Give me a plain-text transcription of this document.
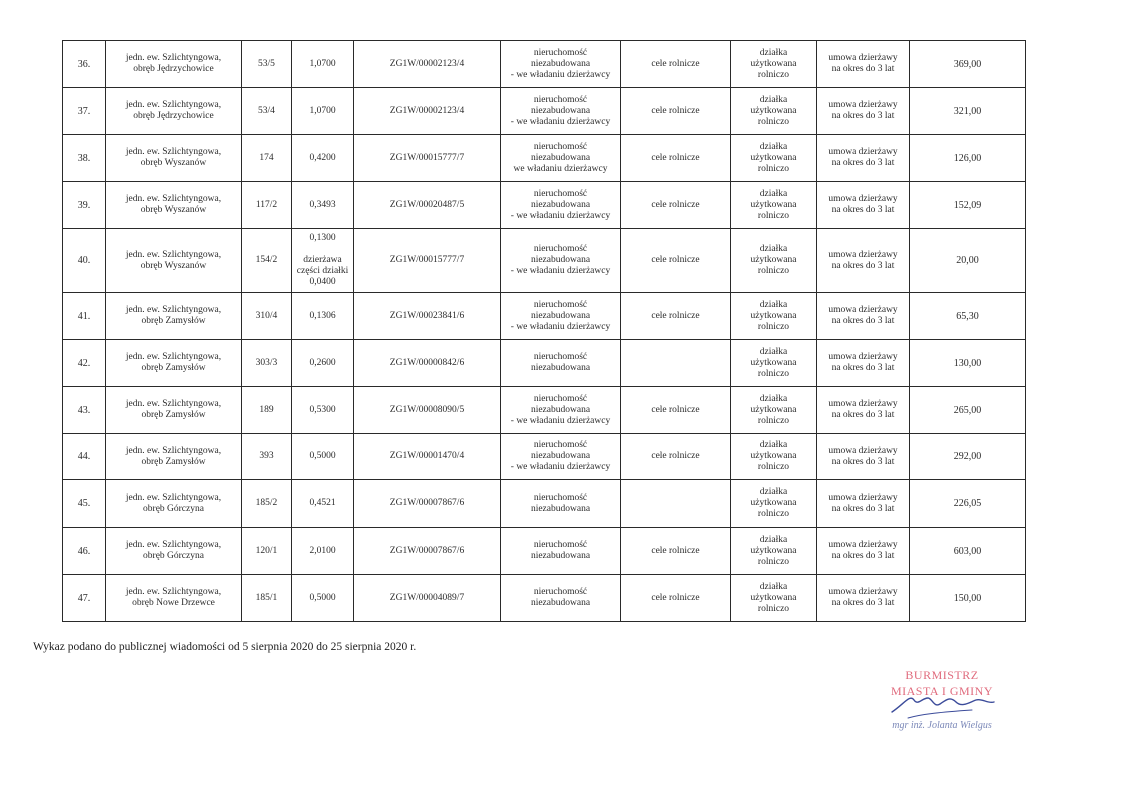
36.	jedn. ew. Szlichtyngowa,
obręb Jędrzychowice	53/5	1,0700	ZG1W/00002123/4	nieruchomość
niezabudowana
- we władaniu dzierżawcy	cele rolnicze	działka
użytkowana
rolniczo	umowa dzierżawy
na okres do 3 lat	369,00
37.	jedn. ew. Szlichtyngowa,
obręb Jędrzychowice	53/4	1,0700	ZG1W/00002123/4	nieruchomość
niezabudowana
- we władaniu dzierżawcy	cele rolnicze	działka
użytkowana
rolniczo	umowa dzierżawy
na okres do 3 lat	321,00
38.	jedn. ew. Szlichtyngowa,
obręb Wyszanów	174	0,4200	ZG1W/00015777/7	nieruchomość
niezabudowana
we władaniu dzierżawcy	cele rolnicze	działka
użytkowana
rolniczo	umowa dzierżawy
na okres do 3 lat	126,00
39.	jedn. ew. Szlichtyngowa,
obręb Wyszanów	117/2	0,3493	ZG1W/00020487/5	nieruchomość
niezabudowana
- we władaniu dzierżawcy	cele rolnicze	działka
użytkowana
rolniczo	umowa dzierżawy
na okres do 3 lat	152,09
40.	jedn. ew. Szlichtyngowa,
obręb Wyszanów	154/2	0,1300

dzierżawa
części działki
0,0400	ZG1W/00015777/7	nieruchomość
niezabudowana
- we władaniu dzierżawcy	cele rolnicze	działka
użytkowana
rolniczo	umowa dzierżawy
na okres do 3 lat	20,00
41.	jedn. ew. Szlichtyngowa,
obręb Zamysłów	310/4	0,1306	ZG1W/00023841/6	nieruchomość
niezabudowana
- we władaniu dzierżawcy	cele rolnicze	działka
użytkowana
rolniczo	umowa dzierżawy
na okres do 3 lat	65,30
42.	jedn. ew. Szlichtyngowa,
obręb Zamysłów	303/3	0,2600	ZG1W/00000842/6	nieruchomość
niezabudowana		działka
użytkowana
rolniczo	umowa dzierżawy
na okres do 3 lat	130,00
43.	jedn. ew. Szlichtyngowa,
obręb Zamysłów	189	0,5300	ZG1W/00008090/5	nieruchomość
niezabudowana
- we władaniu dzierżawcy	cele rolnicze	działka
użytkowana
rolniczo	umowa dzierżawy
na okres do 3 lat	265,00
44.	jedn. ew. Szlichtyngowa,
obręb Zamysłów	393	0,5000	ZG1W/00001470/4	nieruchomość
niezabudowana
- we władaniu dzierżawcy	cele rolnicze	działka
użytkowana
rolniczo	umowa dzierżawy
na okres do 3 lat	292,00
45.	jedn. ew. Szlichtyngowa,
obręb Górczyna	185/2	0,4521	ZG1W/00007867/6	nieruchomość
niezabudowana		działka
użytkowana
rolniczo	umowa dzierżawy
na okres do 3 lat	226,05
46.	jedn. ew. Szlichtyngowa,
obręb Górczyna	120/1	2,0100	ZG1W/00007867/6	nieruchomość
niezabudowana	cele rolnicze	działka
użytkowana
rolniczo	umowa dzierżawy
na okres do 3 lat	603,00
47.	jedn. ew. Szlichtyngowa,
obręb Nowe Drzewce	185/1	0,5000	ZG1W/00004089/7	nieruchomość
niezabudowana	cele rolnicze	działka
użytkowana
rolniczo	umowa dzierżawy
na okres do 3 lat	150,00
Wykaz podano do publicznej wiadomości od 5 sierpnia 2020 do 25 sierpnia 2020 r.
BURMISTRZ
MIASTA I GMINY
mgr inż. Jolanta Wielgus
